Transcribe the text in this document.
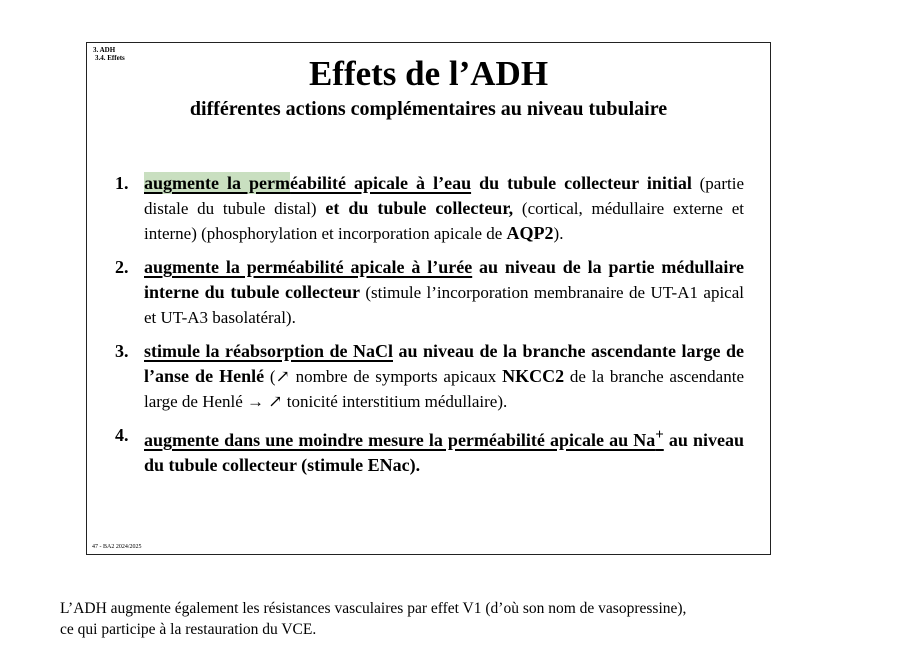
3. ADH
3.4. Effets	Effets de l’ADH
différentes actions complémentaires au niveau tubulaire
1. augmente la perméabilité apicale à l’eau du tubule collecteur initial (partie distale du tubule distal) et du tubule collecteur, (cortical, médullaire externe et interne) (phosphorylation et incorporation apicale de AQP2).
2. augmente la perméabilité apicale à l’urée au niveau de la partie médullaire interne du tubule collecteur (stimule l’incorporation membranaire de UT-A1 apical et UT-A3 basolatéral).
3. stimule la réabsorption de NaCl au niveau de la branche ascendante large de l’anse de Henlé (↗ nombre de symports apicaux NKCC2 de la branche ascendante large de Henlé → ↗ tonicité interstitium médullaire).
4. augmente dans une moindre mesure la perméabilité apicale au Na+ au niveau du tubule collecteur (stimule ENac).
47 - BA2 2024/2025
L’ADH augmente également les résistances vasculaires par effet V1 (d’où son nom de vasopressine),
ce qui participe à la restauration du VCE.
